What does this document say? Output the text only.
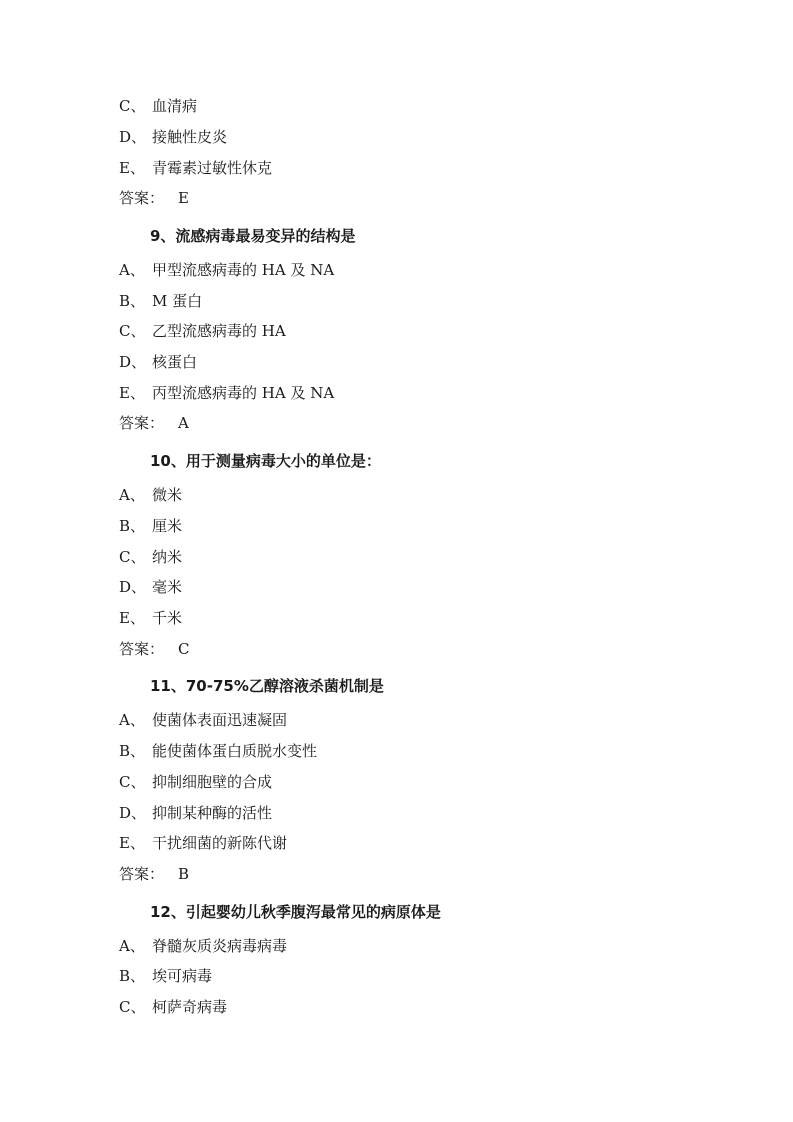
C、 血清病
D、 接触性皮炎
E、 青霉素过敏性休克
答案： E
9、流感病毒最易变异的结构是
A、 甲型流感病毒的 HA 及 NA
B、 M 蛋白
C、 乙型流感病毒的 HA
D、 核蛋白
E、 丙型流感病毒的 HA 及 NA
答案： A
10、用于测量病毒大小的单位是：
A、 微米
B、 厘米
C、 纳米
D、 毫米
E、 千米
答案： C
11、70-75%乙醇溶液杀菌机制是
A、 使菌体表面迅速凝固
B、 能使菌体蛋白质脱水变性
C、 抑制细胞壁的合成
D、 抑制某种酶的活性
E、 干扰细菌的新陈代谢
答案： B
12、引起婴幼儿秋季腹泻最常见的病原体是
A、 脊髓灰质炎病毒病毒
B、 埃可病毒
C、 柯萨奇病毒
